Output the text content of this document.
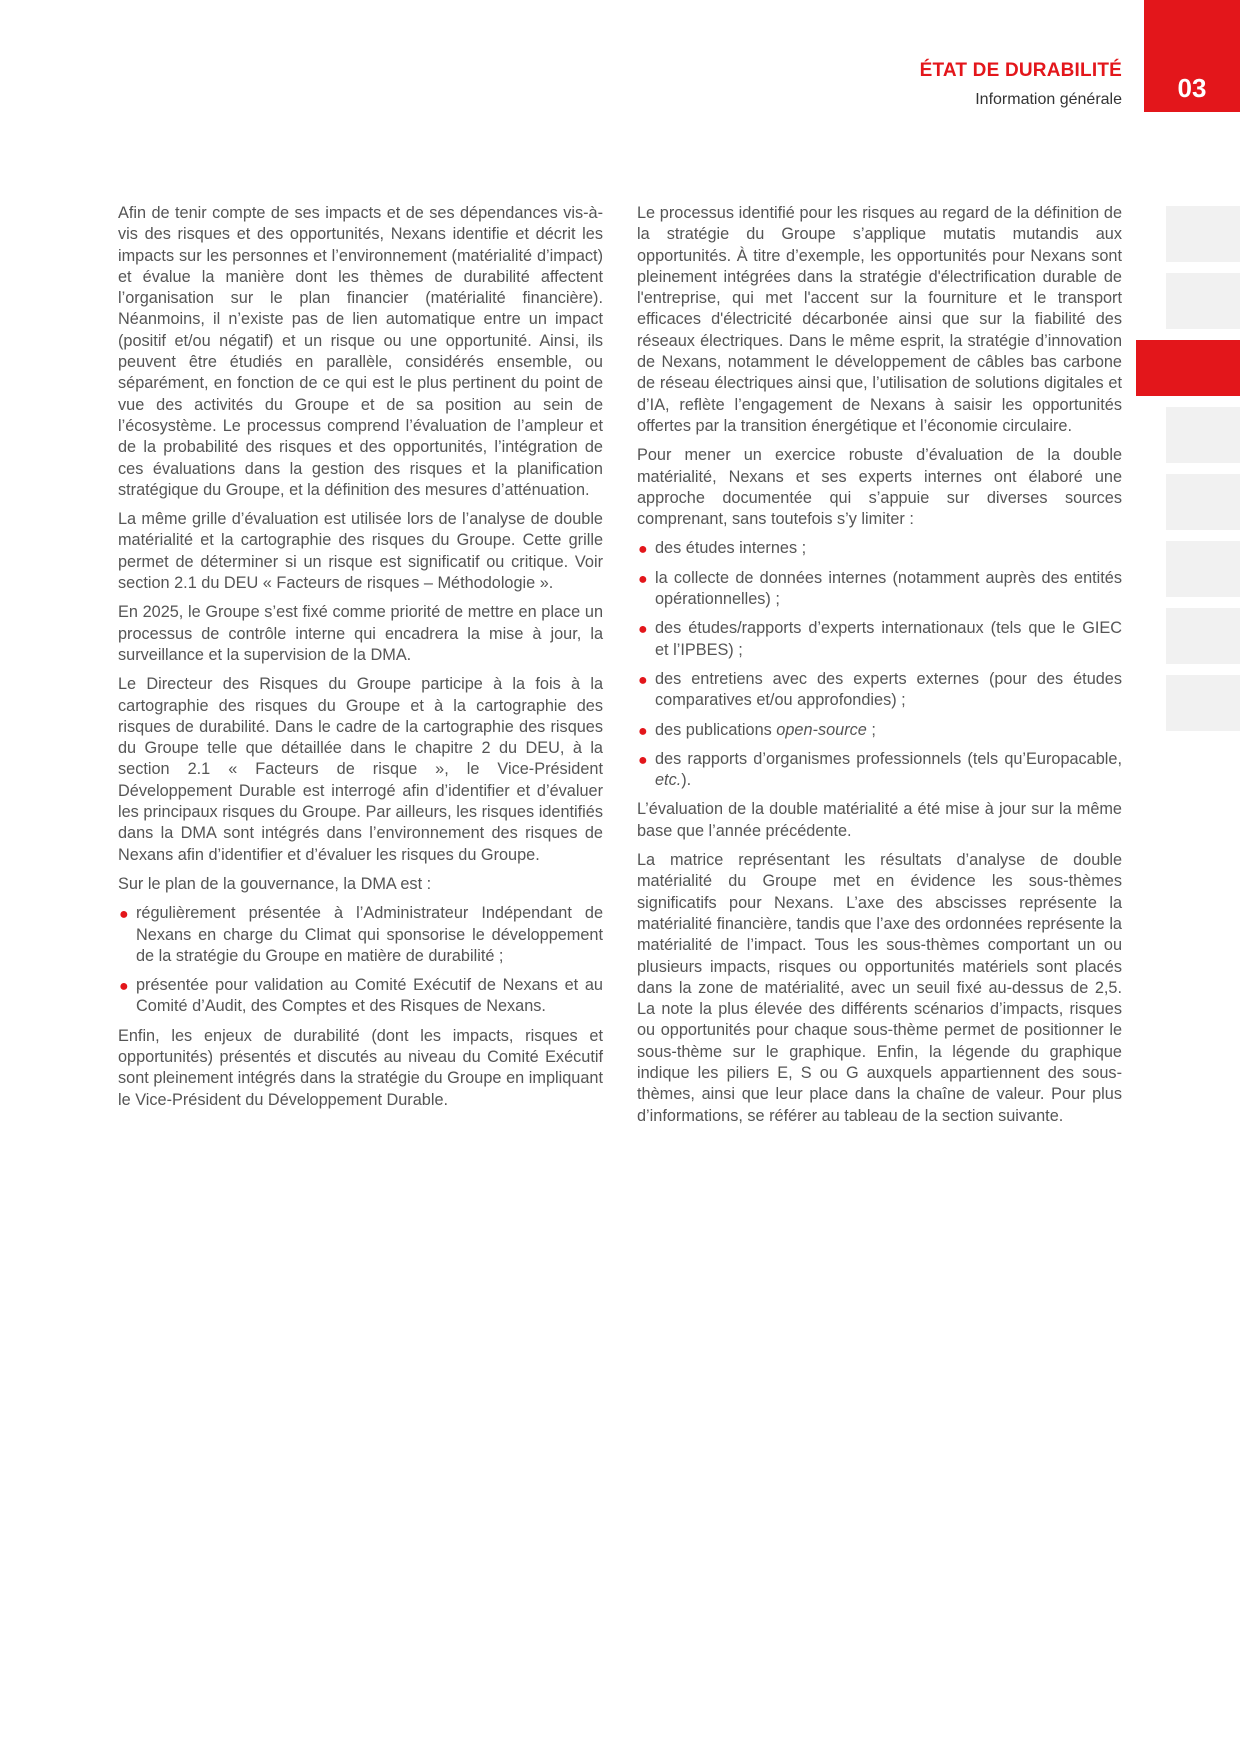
ÉTAT DE DURABILITÉ
Information générale 03

Afin de tenir compte de ses impacts et de ses dépendances vis-à-vis des risques et des opportunités, Nexans identifie et décrit les impacts sur les personnes et l’environnement (matérialité d’impact) et évalue la manière dont les thèmes de durabilité affectent l’organisation sur le plan financier (matérialité financière). Néanmoins, il n’existe pas de lien automatique entre un impact (positif et/ou négatif) et un risque ou une opportunité. Ainsi, ils peuvent être étudiés en parallèle, considérés ensemble, ou séparément, en fonction de ce qui est le plus pertinent du point de vue des activités du Groupe et de sa position au sein de l’écosystème. Le processus comprend l’évaluation de l’ampleur et de la probabilité des risques et des opportunités, l’intégration de ces évaluations dans la gestion des risques et la planification stratégique du Groupe, et la définition des mesures d’atténuation.

La même grille d’évaluation est utilisée lors de l’analyse de double matérialité et la cartographie des risques du Groupe. Cette grille permet de déterminer si un risque est significatif ou critique. Voir section 2.1 du DEU « Facteurs de risques – Méthodologie ».

En 2025, le Groupe s’est fixé comme priorité de mettre en place un processus de contrôle interne qui encadrera la mise à jour, la surveillance et la supervision de la DMA.

Le Directeur des Risques du Groupe participe à la fois à la cartographie des risques du Groupe et à la cartographie des risques de durabilité. Dans le cadre de la cartographie des risques du Groupe telle que détaillée dans le chapitre 2 du DEU, à la section 2.1 « Facteurs de risque », le Vice-Président Développement Durable est interrogé afin d’identifier et d’évaluer les principaux risques du Groupe. Par ailleurs, les risques identifiés dans la DMA sont intégrés dans l’environnement des risques de Nexans afin d’identifier et d’évaluer les risques du Groupe.

Sur le plan de la gouvernance, la DMA est :

● régulièrement présentée à l’Administrateur Indépendant de Nexans en charge du Climat qui sponsorise le développement de la stratégie du Groupe en matière de durabilité ;
● présentée pour validation au Comité Exécutif de Nexans et au Comité d’Audit, des Comptes et des Risques de Nexans.

Enfin, les enjeux de durabilité (dont les impacts, risques et opportunités) présentés et discutés au niveau du Comité Exécutif sont pleinement intégrés dans la stratégie du Groupe en impliquant le Vice-Président du Développement Durable.

Le processus identifié pour les risques au regard de la définition de la stratégie du Groupe s’applique mutatis mutandis aux opportunités. À titre d’exemple, les opportunités pour Nexans sont pleinement intégrées dans la stratégie d'électrification durable de l'entreprise, qui met l'accent sur la fourniture et le transport efficaces d'électricité décarbonée ainsi que sur la fiabilité des réseaux électriques. Dans le même esprit, la stratégie d’innovation de Nexans, notamment le développement de câbles bas carbone de réseau électriques ainsi que, l’utilisation de solutions digitales et d’IA, reflète l’engagement de Nexans à saisir les opportunités offertes par la transition énergétique et l’économie circulaire.

Pour mener un exercice robuste d’évaluation de la double matérialité, Nexans et ses experts internes ont élaboré une approche documentée qui s’appuie sur diverses sources comprenant, sans toutefois s’y limiter :

● des études internes ;
● la collecte de données internes (notamment auprès des entités opérationnelles) ;
● des études/rapports d’experts internationaux (tels que le GIEC et l’IPBES) ;
● des entretiens avec des experts externes (pour des études comparatives et/ou approfondies) ;
● des publications open-source ;
● des rapports d’organismes professionnels (tels qu’Europacable, etc.).

L’évaluation de la double matérialité a été mise à jour sur la même base que l’année précédente.

La matrice représentant les résultats d’analyse de double matérialité du Groupe met en évidence les sous-thèmes significatifs pour Nexans. L’axe des abscisses représente la matérialité financière, tandis que l’axe des ordonnées représente la matérialité de l’impact. Tous les sous-thèmes comportant un ou plusieurs impacts, risques ou opportunités matériels sont placés dans la zone de matérialité, avec un seuil fixé au-dessus de 2,5. La note la plus élevée des différents scénarios d’impacts, risques ou opportunités pour chaque sous-thème permet de positionner le sous-thème sur le graphique. Enfin, la légende du graphique indique les piliers E, S ou G auxquels appartiennent des sous-thèmes, ainsi que leur place dans la chaîne de valeur. Pour plus d’informations, se référer au tableau de la section suivante.
